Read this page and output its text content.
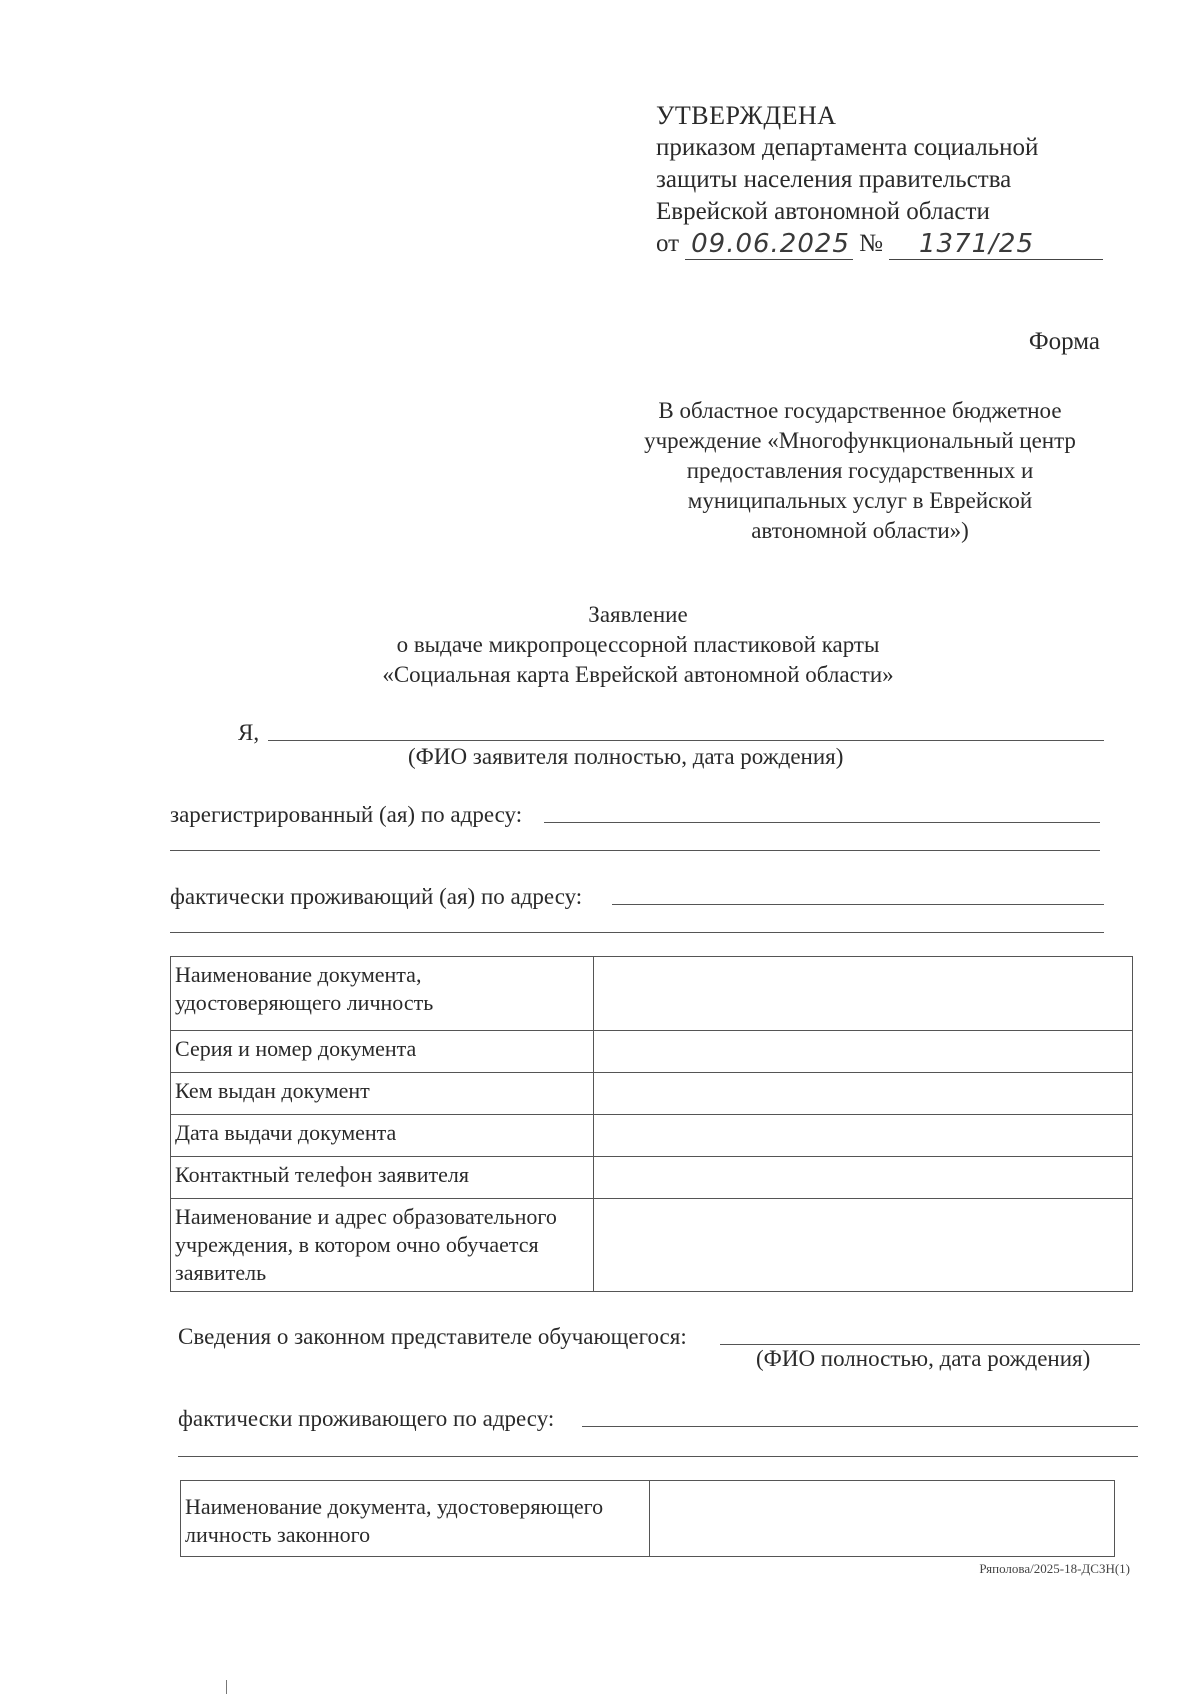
УТВЕРЖДЕНА
приказом департамента социальной
защиты населения правительства
Еврейской автономной области
от 09.06.2025 №	1371/25
Форма
В областное государственное бюджетное
учреждение «Многофункциональный центр
предоставления государственных и
муниципальных услуг в Еврейской
автономной области»)
Заявление
о выдаче микропроцессорной пластиковой карты
«Социальная карта Еврейской автономной области»
Я,
(ФИО заявителя полностью, дата рождения)
зарегистрированный (ая) по адресу:
фактически проживающий (ая) по адресу:
Наименование документа, удостоверяющего личность	
Серия и номер документа	
Кем выдан документ	
Дата выдачи документа	
Контактный телефон заявителя	
Наименование и адрес образовательного учреждения, в котором очно обучается заявитель	
Сведения о законном представителе обучающегося:
(ФИО полностью, дата рождения)
фактически проживающего по адресу:
Наименование документа, удостоверяющего личность законного	
Ряполова/2025-18-ДСЗН(1)
